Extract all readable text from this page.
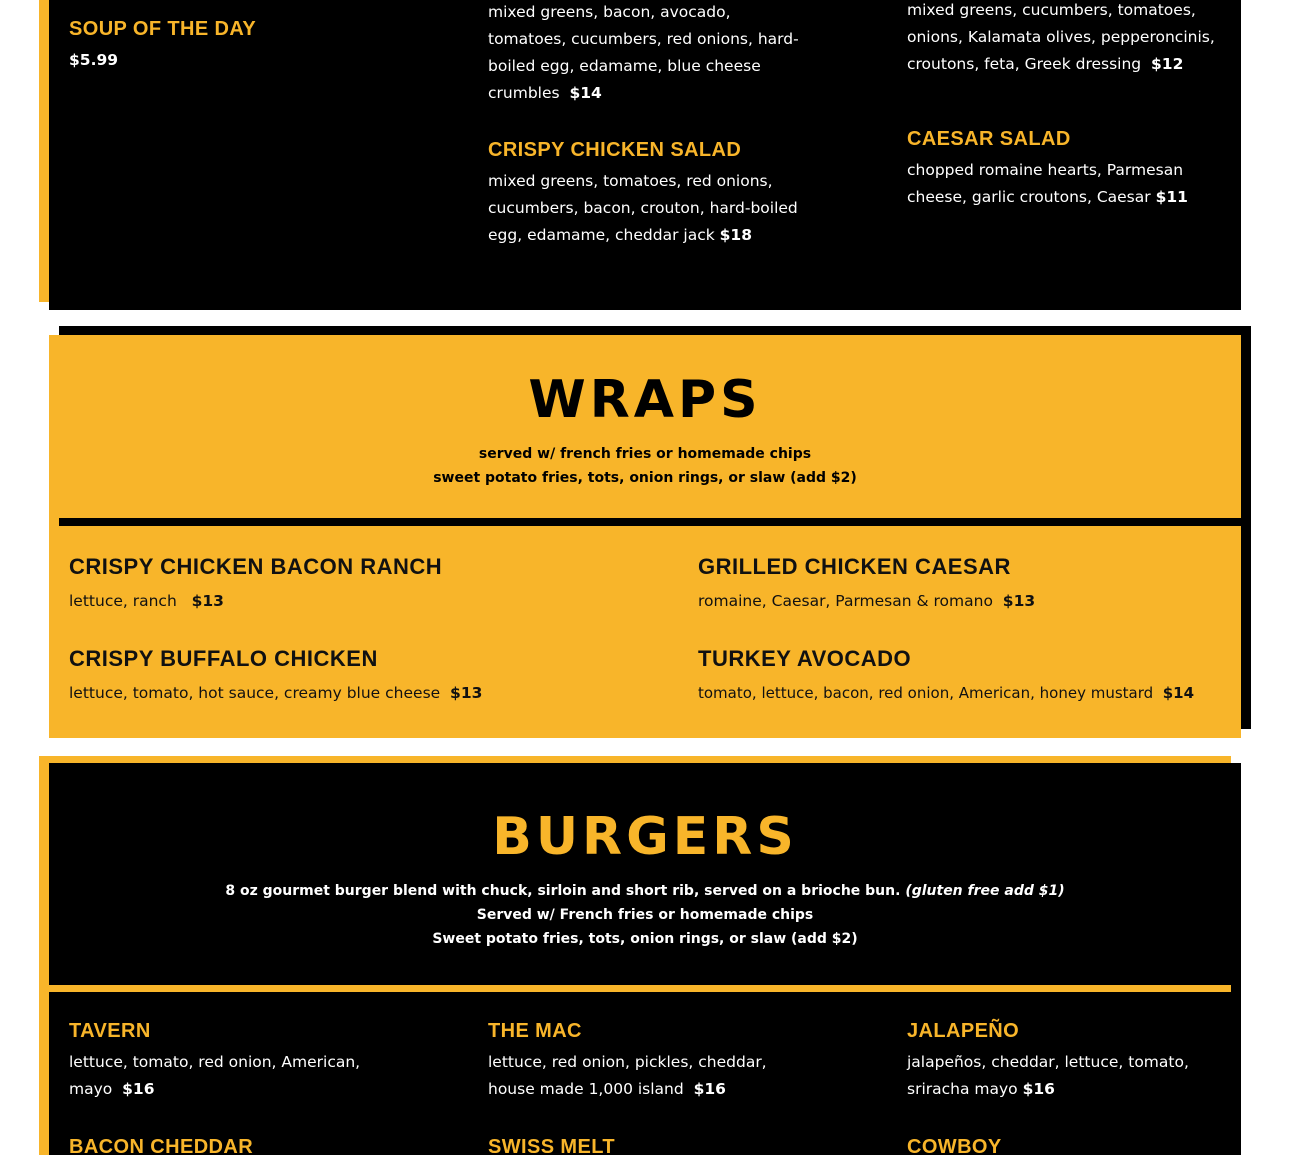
SOUP OF THE DAY

$5.99

mixed greens, bacon, avocado, tomatoes, cucumbers, red onions, hard-boiled egg, edamame, blue cheese crumbles $14

CRISPY CHICKEN SALAD

mixed greens, tomatoes, red onions, cucumbers, bacon, crouton, hard-boiled egg, edamame, cheddar jack $18

mixed greens, cucumbers, tomatoes, onions, Kalamata olives, pepperoncinis, croutons, feta, Greek dressing $12

CAESAR SALAD

chopped romaine hearts, Parmesan cheese, garlic croutons, Caesar $11

WRAPS

served w/ french fries or homemade chips

sweet potato fries, tots, onion rings, or slaw (add $2)

CRISPY CHICKEN BACON RANCH

lettuce, ranch $13

GRILLED CHICKEN CAESAR

romaine, Caesar, Parmesan & romano $13

CRISPY BUFFALO CHICKEN

lettuce, tomato, hot sauce, creamy blue cheese $13

TURKEY AVOCADO

tomato, lettuce, bacon, red onion, American, honey mustard $14

BURGERS

8 oz gourmet burger blend with chuck, sirloin and short rib, served on a brioche bun. (gluten free add $1)

Served w/ French fries or homemade chips

Sweet potato fries, tots, onion rings, or slaw (add $2)

TAVERN

lettuce, tomato, red onion, American, mayo $16

THE MAC

lettuce, red onion, pickles, cheddar, house made 1,000 island $16

JALAPEÑO

jalapeños, cheddar, lettuce, tomato, sriracha mayo $16

BACON CHEDDAR	SWISS MELT	COWBOY
